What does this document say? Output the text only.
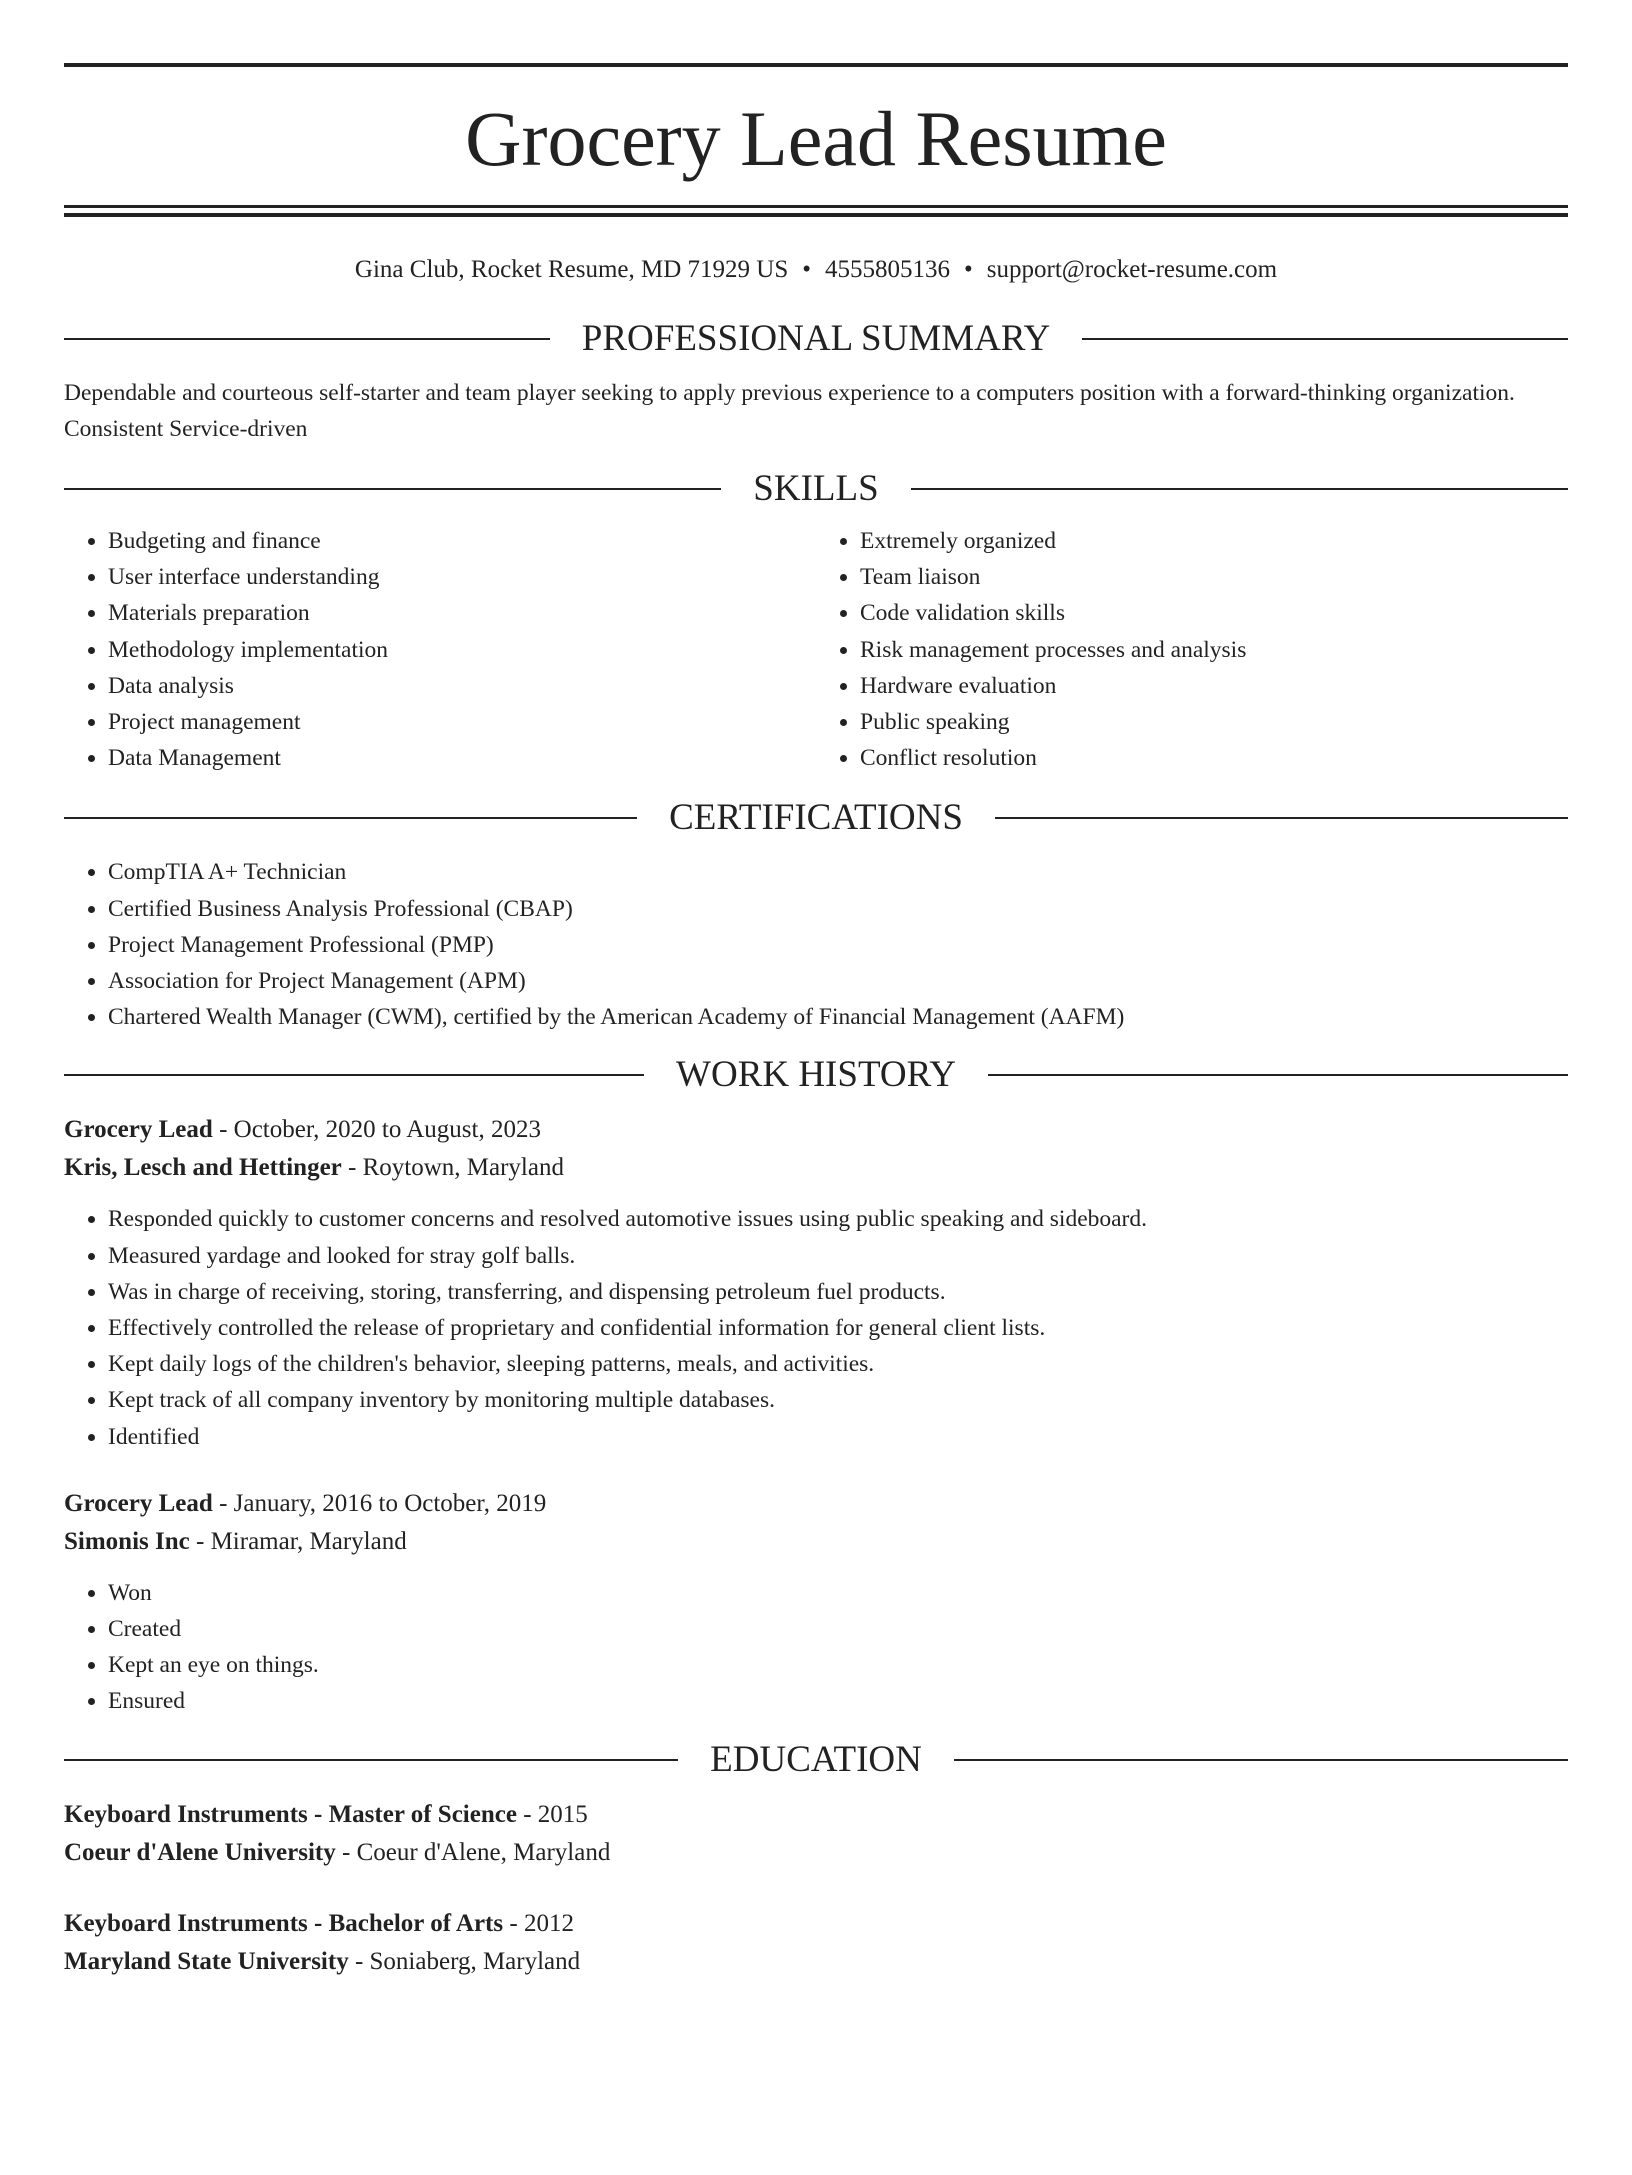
Grocery Lead Resume
Gina Club, Rocket Resume, MD 71929 US • 4555805136 • support@rocket-resume.com
PROFESSIONAL SUMMARY

Dependable and courteous self-starter and team player seeking to apply previous experience to a computers position with a forward-thinking organization. Consistent Service-driven

SKILLS
• Budgeting and finance
• User interface understanding
• Materials preparation
• Methodology implementation
• Data analysis
• Project management
• Data Management
• Extremely organized
• Team liaison
• Code validation skills
• Risk management processes and analysis
• Hardware evaluation
• Public speaking
• Conflict resolution
CERTIFICATIONS
• CompTIA A+ Technician
• Certified Business Analysis Professional (CBAP)
• Project Management Professional (PMP)
• Association for Project Management (APM)
• Chartered Wealth Manager (CWM), certified by the American Academy of Financial Management (AAFM)
WORK HISTORY
Grocery Lead - October, 2020 to August, 2023
Kris, Lesch and Hettinger - Roytown, Maryland
• Responded quickly to customer concerns and resolved automotive issues using public speaking and sideboard.
• Measured yardage and looked for stray golf balls.
• Was in charge of receiving, storing, transferring, and dispensing petroleum fuel products.
• Effectively controlled the release of proprietary and confidential information for general client lists.
• Kept daily logs of the children's behavior, sleeping patterns, meals, and activities.
• Kept track of all company inventory by monitoring multiple databases.
• Identified
Grocery Lead - January, 2016 to October, 2019
Simonis Inc - Miramar, Maryland
• Won
• Created
• Kept an eye on things.
• Ensured
EDUCATION
Keyboard Instruments - Master of Science - 2015
Coeur d'Alene University - Coeur d'Alene, Maryland
Keyboard Instruments - Bachelor of Arts - 2012
Maryland State University - Soniaberg, Maryland
